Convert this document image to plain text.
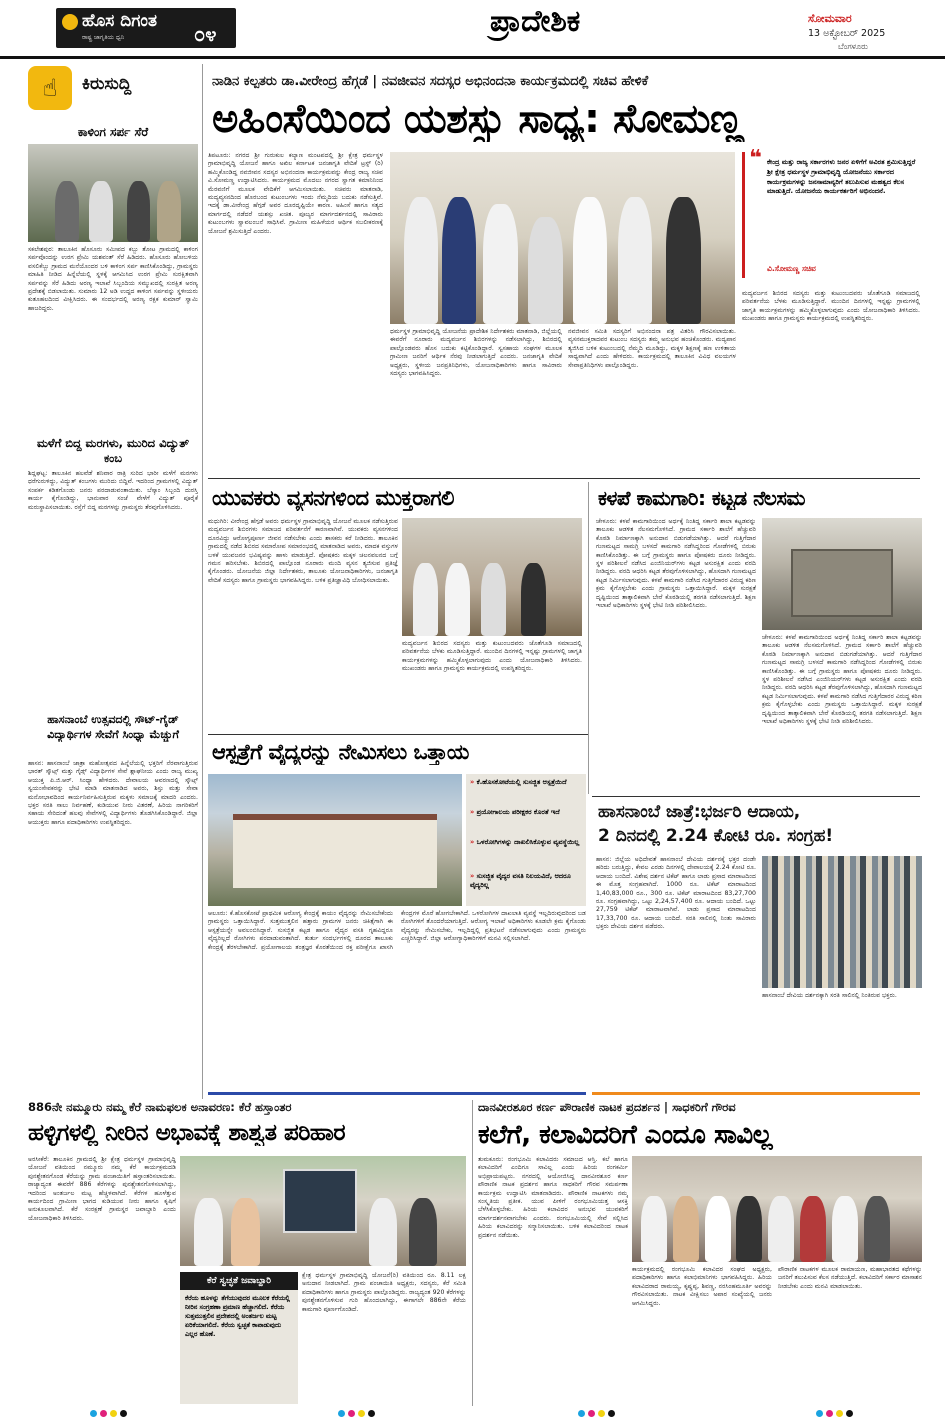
ಹೊಸ ದಿಗಂತ
ರಾಷ್ಟ್ರ ಜಾಗೃತಿಯ ಧ್ವನಿ	೦೪	ಪ್ರಾದೇಶಿಕ	ಸೋಮವಾರ
13 ಅಕ್ಟೋಬರ್ 2025
ಬೆಂಗಳೂರು
☝	ಕಿರುಸುದ್ದಿ
ಕಾಳಿಂಗ ಸರ್ಪ ಸೆರೆ
ಸಕಲೇಶಪುರ: ತಾಲೂಕಿನ ಹೊಸೂರು ಸಮೀಪದ ಕಬ್ಬು ತೋಟ ಗ್ರಾಮದಲ್ಲಿ ಕಾಳಿಂಗ ಸರ್ಪವೊಂದನ್ನು ಉರಗ ಪ್ರೇಮಿ ಯಶವಂತ್ ಸೆರೆ ಹಿಡಿದರು. ಹೊಸೂರು ಹೋಬಳಿಯ ವಸಲಿಕೆಬ್ಬು ಗ್ರಾಮದ ಮನೆಯೊಂದರ ಬಳಿ ಕಾಳಿಂಗ ಸರ್ಪ ಕಾಣಿಸಿಕೊಂಡಿದ್ದು, ಗ್ರಾಮಸ್ಥರು ಮಾಹಿತಿ ನೀಡಿದ ಹಿನ್ನೆಲೆಯಲ್ಲಿ ಸ್ಥಳಕ್ಕೆ ಆಗಮಿಸಿದ ಉರಗ ಪ್ರೇಮಿ ಸುರಕ್ಷಿತವಾಗಿ ಸರ್ಪವನ್ನು ಸೆರೆ ಹಿಡಿದು ಅರಣ್ಯ ಇಲಾಖೆ ಸಿಬ್ಬಂದಿಯ ಸಮ್ಮುಖದಲ್ಲಿ ಸುರಕ್ಷಿತ ಅರಣ್ಯ ಪ್ರದೇಶಕ್ಕೆ ಬಿಡಲಾಯಿತು. ಸುಮಾರು 12 ಅಡಿ ಉದ್ದದ ಕಾಳಿಂಗ ಸರ್ಪವನ್ನು ಸ್ಥಳೀಯರು ಕುತೂಹಲದಿಂದ ವೀಕ್ಷಿಸಿದರು. ಈ ಸಂದರ್ಭದಲ್ಲಿ ಅರಣ್ಯ ರಕ್ಷಕ ಕುಮಾರ್ ಸ್ವಾಮಿ ಹಾಜರಿದ್ದರು.
ಮಳೆಗೆ ಬಿದ್ದ ಮರಗಳು, ಮುರಿದ ವಿದ್ಯುತ್ ಕಂಬ
ಶಿದ್ಲಘಟ್ಟ: ತಾಲೂಕಿನ ಹಲವೆಡೆ ಶನಿವಾರ ರಾತ್ರಿ ಸುರಿದ ಭಾರೀ ಮಳೆಗೆ ಮರಗಳು ಧರೆಗುರುಳಿದ್ದು, ವಿದ್ಯುತ್ ಕಂಬಗಳು ಮುರಿದು ಬಿದ್ದಿವೆ. ಇದರಿಂದ ಗ್ರಾಮಗಳಲ್ಲಿ ವಿದ್ಯುತ್ ಸಂಪರ್ಕ ಕಡಿತಗೊಂಡು ಜನರು ಪರದಾಡುವಂತಾಯಿತು. ಬೆಸ್ಕಾಂ ಸಿಬ್ಬಂದಿ ದುರಸ್ತಿ ಕಾರ್ಯ ಕೈಗೊಂಡಿದ್ದು, ಭಾನುವಾರ ಸಂಜೆ ವೇಳೆಗೆ ವಿದ್ಯುತ್ ಪೂರೈಕೆ ಮರುಸ್ಥಾಪಿಸಲಾಯಿತು. ರಸ್ತೆಗೆ ಬಿದ್ದ ಮರಗಳನ್ನು ಗ್ರಾಮಸ್ಥರು ತೆರವುಗೊಳಿಸಿದರು.
ಹಾಸನಾಂಬೆ ಉತ್ಸವದಲ್ಲಿ ಸೌಟ್-ಗೈಡ್ ವಿದ್ಯಾರ್ಥಿಗಳ ಸೇವೆಗೆ ಸಿಂಧ್ಯಾ ಮೆಚ್ಚುಗೆ
ಹಾಸನ: ಹಾಸನಾಂಬೆ ಜಾತ್ರಾ ಮಹೋತ್ಸವದ ಹಿನ್ನೆಲೆಯಲ್ಲಿ ಭಕ್ತರಿಗೆ ನೆರವಾಗುತ್ತಿರುವ ಭಾರತ್ ಸ್ಕೌಟ್ಸ್ ಮತ್ತು ಗೈಡ್ಸ್ ವಿದ್ಯಾರ್ಥಿಗಳ ಸೇವೆ ಶ್ಲಾಘನೀಯ ಎಂದು ರಾಜ್ಯ ಮುಖ್ಯ ಆಯುಕ್ತ ಪಿ.ಜಿ.ಆರ್. ಸಿಂಧ್ಯಾ ಹೇಳಿದರು. ದೇವಾಲಯ ಆವರಣದಲ್ಲಿ ಸ್ಕೌಟ್ಸ್ ಸ್ವಯಂಸೇವಕರನ್ನು ಭೇಟಿ ಮಾಡಿ ಮಾತನಾಡಿದ ಅವರು, ಶಿಸ್ತು ಮತ್ತು ಸೇವಾ ಮನೋಭಾವದಿಂದ ಕಾರ್ಯನಿರ್ವಹಿಸುತ್ತಿರುವ ಮಕ್ಕಳು ಸಮಾಜಕ್ಕೆ ಮಾದರಿ ಎಂದರು. ಭಕ್ತರ ಸರತಿ ಸಾಲು ನಿರ್ವಹಣೆ, ಕುಡಿಯುವ ನೀರು ವಿತರಣೆ, ಹಿರಿಯ ನಾಗರಿಕರಿಗೆ ಸಹಾಯ ಸೇರಿದಂತೆ ಹಲವು ಸೇವೆಗಳಲ್ಲಿ ವಿದ್ಯಾರ್ಥಿಗಳು ತೊಡಗಿಸಿಕೊಂಡಿದ್ದಾರೆ. ಜಿಲ್ಲಾ ಆಯುಕ್ತರು ಹಾಗೂ ಪದಾಧಿಕಾರಿಗಳು ಉಪಸ್ಥಿತರಿದ್ದರು.
ನಾಡಿನ ಕಲ್ಪತರು ಡಾ.ವೀರೇಂದ್ರ ಹೆಗ್ಗಡೆ | ನವಜೀವನ ಸದಸ್ಯರ ಅಭಿನಂದನಾ ಕಾರ್ಯಕ್ರಮದಲ್ಲಿ ಸಚಿವ ಹೇಳಿಕೆ
ಅಹಿಂಸೆಯಿಂದ ಯಶಸ್ಸು ಸಾಧ್ಯ: ಸೋಮಣ್ಣ
ತಿಪಟೂರು: ನಗರದ ಶ್ರೀ ಗುರುಕುಲ ಕಲ್ಯಾಣ ಮಂಟಪದಲ್ಲಿ ಶ್ರೀ ಕ್ಷೇತ್ರ ಧರ್ಮಸ್ಥಳ ಗ್ರಾಮಾಭಿವೃದ್ಧಿ ಯೋಜನೆ ಹಾಗೂ ಅಖಿಲ ಕರ್ನಾಟಕ ಜನಜಾಗೃತಿ ವೇದಿಕೆ ಟ್ರಸ್ಟ್ (ರಿ) ಹಮ್ಮಿಕೊಂಡಿದ್ದ ನವಜೀವನ ಸದಸ್ಯರ ಅಭಿನಂದನಾ ಕಾರ್ಯಕ್ರಮವನ್ನು ಕೇಂದ್ರ ರಾಜ್ಯ ಸಚಿವ ವಿ.ಸೋಮಣ್ಣ ಉದ್ಘಾಟಿಸಿದರು. ಕಾರ್ಯಕ್ರಮದ ಮೊದಲು ನಗರದ ಸ್ವಾಗತ ಕಮಾನಿನಿಂದ ಮೆರವಣಿಗೆ ಮೂಲಕ ವೇದಿಕೆಗೆ ಆಗಮಿಸಲಾಯಿತು. ಸಚಿವರು ಮಾತನಾಡಿ, ಮದ್ಯವ್ಯಸನದಿಂದ ಹೊರಬಂದ ಕುಟುಂಬಗಳು ಇಂದು ನೆಮ್ಮದಿಯ ಬದುಕು ನಡೆಸುತ್ತಿವೆ. ಇದಕ್ಕೆ ಡಾ.ವೀರೇಂದ್ರ ಹೆಗ್ಗಡೆ ಅವರ ದೂರದೃಷ್ಟಿಯೇ ಕಾರಣ. ಅಹಿಂಸೆ ಹಾಗೂ ಸತ್ಯದ ಮಾರ್ಗದಲ್ಲಿ ನಡೆದರೆ ಯಶಸ್ಸು ಖಚಿತ. ಪೂಜ್ಯರ ಮಾರ್ಗದರ್ಶನದಲ್ಲಿ ಸಾವಿರಾರು ಕುಟುಂಬಗಳು ಸ್ವಾವಲಂಬನೆ ಸಾಧಿಸಿವೆ. ಗ್ರಾಮೀಣ ಮಹಿಳೆಯರ ಆರ್ಥಿಕ ಸಬಲೀಕರಣಕ್ಕೆ ಯೋಜನೆ ಶ್ರಮಿಸುತ್ತಿದೆ ಎಂದರು.
ಧರ್ಮಸ್ಥಳ ಗ್ರಾಮಾಭಿವೃದ್ಧಿ ಯೋಜನೆಯ ಪ್ರಾದೇಶಿಕ ನಿರ್ದೇಶಕರು ಮಾತನಾಡಿ, ಜಿಲ್ಲೆಯಲ್ಲಿ ಈವರೆಗೆ ನೂರಾರು ಮದ್ಯವರ್ಜನ ಶಿಬಿರಗಳನ್ನು ನಡೆಸಲಾಗಿದ್ದು, ಶಿಬಿರದಲ್ಲಿ ಪಾಲ್ಗೊಂಡವರು ಹೊಸ ಬದುಕು ಕಟ್ಟಿಕೊಂಡಿದ್ದಾರೆ. ಸ್ವಸಹಾಯ ಸಂಘಗಳ ಮೂಲಕ ಗ್ರಾಮೀಣ ಜನರಿಗೆ ಆರ್ಥಿಕ ನೆರವು ನೀಡಲಾಗುತ್ತಿದೆ ಎಂದರು. ಜನಜಾಗೃತಿ ವೇದಿಕೆ ಅಧ್ಯಕ್ಷರು, ಸ್ಥಳೀಯ ಜನಪ್ರತಿನಿಧಿಗಳು, ಯೋಜನಾಧಿಕಾರಿಗಳು ಹಾಗೂ ಸಾವಿರಾರು ಸದಸ್ಯರು ಭಾಗವಹಿಸಿದ್ದರು.
ನವಜೀವನ ಸಮಿತಿ ಸದಸ್ಯರಿಗೆ ಅಭಿನಂದನಾ ಪತ್ರ ವಿತರಿಸಿ ಗೌರವಿಸಲಾಯಿತು. ವ್ಯಸನಮುಕ್ತರಾದವರ ಕುಟುಂಬ ಸದಸ್ಯರು ತಮ್ಮ ಅನುಭವ ಹಂಚಿಕೊಂಡರು. ಮದ್ಯಪಾನ ತ್ಯಜಿಸಿದ ಬಳಿಕ ಕುಟುಂಬದಲ್ಲಿ ನೆಮ್ಮದಿ ಮೂಡಿದ್ದು, ಮಕ್ಕಳ ಶಿಕ್ಷಣಕ್ಕೆ ಹಣ ಉಳಿತಾಯ ಸಾಧ್ಯವಾಗಿದೆ ಎಂದು ಹೇಳಿದರು. ಕಾರ್ಯಕ್ರಮದಲ್ಲಿ ತಾಲೂಕಿನ ವಿವಿಧ ವಲಯಗಳ ಸೇವಾಪ್ರತಿನಿಧಿಗಳು ಪಾಲ್ಗೊಂಡಿದ್ದರು.
❝ ಕೇಂದ್ರ ಮತ್ತು ರಾಜ್ಯ ಸರ್ಕಾರಗಳು ಜನರ ಏಳಿಗೆಗೆ ಅವಿರತ ಶ್ರಮಿಸುತ್ತಿದ್ದರೆ ಶ್ರೀ ಕ್ಷೇತ್ರ ಧರ್ಮಸ್ಥಳ ಗ್ರಾಮಾಭಿವೃದ್ಧಿ ಯೋಜನೆಯು ಸರ್ಕಾರದ ಕಾರ್ಯಕ್ರಮಗಳನ್ನು ಜನಸಾಮಾನ್ಯರಿಗೆ ತಲುಪಿಸುವ ಮಹತ್ವದ ಕೆಲಸ ಮಾಡುತ್ತಿದೆ. ಯೋಜನೆಯ ಕಾರ್ಯಕರ್ತರಿಗೆ ಅಭಿನಂದನೆ.
ವಿ.ಸೋಮಣ್ಣ ಸಚಿವ
ಮದ್ಯವರ್ಜನ ಶಿಬಿರದ ಸದಸ್ಯರು ಮತ್ತು ಕುಟುಂಬದವರು ಜೊತೆಗೂಡಿ ಸಮಾಜದಲ್ಲಿ ಪರಿವರ್ತನೆಯ ಬೆಳಕು ಮೂಡಿಸುತ್ತಿದ್ದಾರೆ. ಮುಂದಿನ ದಿನಗಳಲ್ಲಿ ಇನ್ನಷ್ಟು ಗ್ರಾಮಗಳಲ್ಲಿ ಜಾಗೃತಿ ಕಾರ್ಯಕ್ರಮಗಳನ್ನು ಹಮ್ಮಿಕೊಳ್ಳಲಾಗುವುದು ಎಂದು ಯೋಜನಾಧಿಕಾರಿ ತಿಳಿಸಿದರು. ಮುಖಂಡರು ಹಾಗೂ ಗ್ರಾಮಸ್ಥರು ಕಾರ್ಯಕ್ರಮದಲ್ಲಿ ಉಪಸ್ಥಿತರಿದ್ದರು.
ಯುವಕರು ವ್ಯಸನಗಳಿಂದ ಮುಕ್ತರಾಗಲಿ
ಮಧುಗಿರಿ: ವೀರೇಂದ್ರ ಹೆಗ್ಗಡೆ ಅವರು ಧರ್ಮಸ್ಥಳ ಗ್ರಾಮಾಭಿವೃದ್ಧಿ ಯೋಜನೆ ಮೂಲಕ ನಡೆಸುತ್ತಿರುವ ಮದ್ಯವರ್ಜನ ಶಿಬಿರಗಳು ಸಮಾಜದ ಪರಿವರ್ತನೆಗೆ ಕಾರಣವಾಗಿವೆ. ಯುವಕರು ವ್ಯಸನಗಳಿಂದ ದೂರವಿದ್ದು ಆರೋಗ್ಯಪೂರ್ಣ ಜೀವನ ನಡೆಸಬೇಕು ಎಂದು ಶಾಸಕರು ಕರೆ ನೀಡಿದರು. ತಾಲೂಕಿನ ಗ್ರಾಮದಲ್ಲಿ ನಡೆದ ಶಿಬಿರದ ಸಮಾರೋಪ ಸಮಾರಂಭದಲ್ಲಿ ಮಾತನಾಡಿದ ಅವರು, ಮಾದಕ ವಸ್ತುಗಳ ಬಳಕೆ ಯುವಜನರ ಭವಿಷ್ಯವನ್ನು ಹಾಳು ಮಾಡುತ್ತಿದೆ. ಪೋಷಕರು ಮಕ್ಕಳ ಚಲನವಲನದ ಬಗ್ಗೆ ಗಮನ ಹರಿಸಬೇಕು. ಶಿಬಿರದಲ್ಲಿ ಪಾಲ್ಗೊಂಡ ನೂರಾರು ಮಂದಿ ವ್ಯಸನ ತ್ಯಜಿಸುವ ಪ್ರತಿಜ್ಞೆ ಕೈಗೊಂಡರು. ಯೋಜನೆಯ ಜಿಲ್ಲಾ ನಿರ್ದೇಶಕರು, ತಾಲೂಕು ಯೋಜನಾಧಿಕಾರಿಗಳು, ಜನಜಾಗೃತಿ ವೇದಿಕೆ ಸದಸ್ಯರು ಹಾಗೂ ಗ್ರಾಮಸ್ಥರು ಭಾಗವಹಿಸಿದ್ದರು. ಬಳಿಕ ಪ್ರತಿಜ್ಞಾವಿಧಿ ಬೋಧಿಸಲಾಯಿತು.
ಮದ್ಯವರ್ಜನ ಶಿಬಿರದ ಸದಸ್ಯರು ಮತ್ತು ಕುಟುಂಬದವರು ಜೊತೆಗೂಡಿ ಸಮಾಜದಲ್ಲಿ ಪರಿವರ್ತನೆಯ ಬೆಳಕು ಮೂಡಿಸುತ್ತಿದ್ದಾರೆ. ಮುಂದಿನ ದಿನಗಳಲ್ಲಿ ಇನ್ನಷ್ಟು ಗ್ರಾಮಗಳಲ್ಲಿ ಜಾಗೃತಿ ಕಾರ್ಯಕ್ರಮಗಳನ್ನು ಹಮ್ಮಿಕೊಳ್ಳಲಾಗುವುದು ಎಂದು ಯೋಜನಾಧಿಕಾರಿ ತಿಳಿಸಿದರು. ಮುಖಂಡರು ಹಾಗೂ ಗ್ರಾಮಸ್ಥರು ಕಾರ್ಯಕ್ರಮದಲ್ಲಿ ಉಪಸ್ಥಿತರಿದ್ದರು.
ಕಳಪೆ ಕಾಮಗಾರಿ: ಕಟ್ಟಡ ನೆಲಸಮ
ಚೇಳೂರು: ಕಳಪೆ ಕಾಮಗಾರಿಯಿಂದ ಅರ್ಧಕ್ಕೆ ನಿಂತಿದ್ದ ಸರ್ಕಾರಿ ಶಾಲಾ ಕಟ್ಟಡವನ್ನು ತಾಲೂಕು ಆಡಳಿತ ನೆಲಸಮಗೊಳಿಸಿದೆ. ಗ್ರಾಮದ ಸರ್ಕಾರಿ ಶಾಲೆಗೆ ಹೆಚ್ಚುವರಿ ಕೊಠಡಿ ನಿರ್ಮಾಣಕ್ಕಾಗಿ ಅನುದಾನ ಬಿಡುಗಡೆಯಾಗಿತ್ತು. ಆದರೆ ಗುತ್ತಿಗೆದಾರ ಗುಣಮಟ್ಟದ ಸಾಮಗ್ರಿ ಬಳಸದೆ ಕಾಮಗಾರಿ ನಡೆಸಿದ್ದರಿಂದ ಗೋಡೆಗಳಲ್ಲಿ ಬಿರುಕು ಕಾಣಿಸಿಕೊಂಡಿತ್ತು. ಈ ಬಗ್ಗೆ ಗ್ರಾಮಸ್ಥರು ಹಾಗೂ ಪೋಷಕರು ದೂರು ನೀಡಿದ್ದರು. ಸ್ಥಳ ಪರಿಶೀಲನೆ ನಡೆಸಿದ ಎಂಜಿನಿಯರ್‌ಗಳು ಕಟ್ಟಡ ಅಸುರಕ್ಷಿತ ಎಂದು ವರದಿ ನೀಡಿದ್ದರು. ವರದಿ ಆಧರಿಸಿ ಕಟ್ಟಡ ತೆರವುಗೊಳಿಸಲಾಗಿದ್ದು, ಹೊಸದಾಗಿ ಗುಣಮಟ್ಟದ ಕಟ್ಟಡ ನಿರ್ಮಿಸಲಾಗುವುದು. ಕಳಪೆ ಕಾಮಗಾರಿ ನಡೆಸಿದ ಗುತ್ತಿಗೆದಾರರ ವಿರುದ್ಧ ಕಠಿಣ ಕ್ರಮ ಕೈಗೊಳ್ಳಬೇಕು ಎಂದು ಗ್ರಾಮಸ್ಥರು ಒತ್ತಾಯಿಸಿದ್ದಾರೆ. ಮಕ್ಕಳ ಸುರಕ್ಷತೆ ದೃಷ್ಟಿಯಿಂದ ತಾತ್ಕಾಲಿಕವಾಗಿ ಬೇರೆ ಕೊಠಡಿಯಲ್ಲಿ ತರಗತಿ ನಡೆಸಲಾಗುತ್ತಿದೆ. ಶಿಕ್ಷಣ ಇಲಾಖೆ ಅಧಿಕಾರಿಗಳು ಸ್ಥಳಕ್ಕೆ ಭೇಟಿ ನೀಡಿ ಪರಿಶೀಲಿಸಿದರು.
ಚೇಳೂರು: ಕಳಪೆ ಕಾಮಗಾರಿಯಿಂದ ಅರ್ಧಕ್ಕೆ ನಿಂತಿದ್ದ ಸರ್ಕಾರಿ ಶಾಲಾ ಕಟ್ಟಡವನ್ನು ತಾಲೂಕು ಆಡಳಿತ ನೆಲಸಮಗೊಳಿಸಿದೆ. ಗ್ರಾಮದ ಸರ್ಕಾರಿ ಶಾಲೆಗೆ ಹೆಚ್ಚುವರಿ ಕೊಠಡಿ ನಿರ್ಮಾಣಕ್ಕಾಗಿ ಅನುದಾನ ಬಿಡುಗಡೆಯಾಗಿತ್ತು. ಆದರೆ ಗುತ್ತಿಗೆದಾರ ಗುಣಮಟ್ಟದ ಸಾಮಗ್ರಿ ಬಳಸದೆ ಕಾಮಗಾರಿ ನಡೆಸಿದ್ದರಿಂದ ಗೋಡೆಗಳಲ್ಲಿ ಬಿರುಕು ಕಾಣಿಸಿಕೊಂಡಿತ್ತು. ಈ ಬಗ್ಗೆ ಗ್ರಾಮಸ್ಥರು ಹಾಗೂ ಪೋಷಕರು ದೂರು ನೀಡಿದ್ದರು. ಸ್ಥಳ ಪರಿಶೀಲನೆ ನಡೆಸಿದ ಎಂಜಿನಿಯರ್‌ಗಳು ಕಟ್ಟಡ ಅಸುರಕ್ಷಿತ ಎಂದು ವರದಿ ನೀಡಿದ್ದರು. ವರದಿ ಆಧರಿಸಿ ಕಟ್ಟಡ ತೆರವುಗೊಳಿಸಲಾಗಿದ್ದು, ಹೊಸದಾಗಿ ಗುಣಮಟ್ಟದ ಕಟ್ಟಡ ನಿರ್ಮಿಸಲಾಗುವುದು. ಕಳಪೆ ಕಾಮಗಾರಿ ನಡೆಸಿದ ಗುತ್ತಿಗೆದಾರರ ವಿರುದ್ಧ ಕಠಿಣ ಕ್ರಮ ಕೈಗೊಳ್ಳಬೇಕು ಎಂದು ಗ್ರಾಮಸ್ಥರು ಒತ್ತಾಯಿಸಿದ್ದಾರೆ. ಮಕ್ಕಳ ಸುರಕ್ಷತೆ ದೃಷ್ಟಿಯಿಂದ ತಾತ್ಕಾಲಿಕವಾಗಿ ಬೇರೆ ಕೊಠಡಿಯಲ್ಲಿ ತರಗತಿ ನಡೆಸಲಾಗುತ್ತಿದೆ. ಶಿಕ್ಷಣ ಇಲಾಖೆ ಅಧಿಕಾರಿಗಳು ಸ್ಥಳಕ್ಕೆ ಭೇಟಿ ನೀಡಿ ಪರಿಶೀಲಿಸಿದರು.
ಆಸ್ಪತ್ರೆಗೆ ವೈದ್ಯರನ್ನು ನೇಮಿಸಲು ಒತ್ತಾಯ
» ಕೆ.ಹೊಸಕೋಟೆಯಲ್ಲಿ ಸುಸಜ್ಜಿತ ಆಸ್ಪತ್ರೆಯಿದೆ
» ಪ್ರಯೋಗಾಲಯ ಪರೀಕ್ಷಕರ ಕೊರತೆ ಇದೆ
» ಒಳರೋಗಿಗಳನ್ನು ದಾಖಲಿಸಿಕೊಳ್ಳುವ ವ್ಯವಸ್ಥೆಯಿಲ್ಲ
» ಸುಸಜ್ಜಿತ ವೈದ್ಯರ ವಸತಿ ನಿಲಯವಿದೆ, ಆದರೂ ವೈದ್ಯರಿಲ್ಲ
ಆಲೂರು: ಕೆ.ಹೊಸಕೋಟೆ ಪ್ರಾಥಮಿಕ ಆರೋಗ್ಯ ಕೇಂದ್ರಕ್ಕೆ ಕಾಯಂ ವೈದ್ಯರನ್ನು ನೇಮಿಸಬೇಕೆಂದು ಗ್ರಾಮಸ್ಥರು ಒತ್ತಾಯಿಸಿದ್ದಾರೆ. ಸುತ್ತಮುತ್ತಲಿನ ಹತ್ತಾರು ಗ್ರಾಮಗಳ ಜನರು ಚಿಕಿತ್ಸೆಗಾಗಿ ಈ ಆಸ್ಪತ್ರೆಯನ್ನೇ ಅವಲಂಬಿಸಿದ್ದಾರೆ. ಸುಸಜ್ಜಿತ ಕಟ್ಟಡ ಹಾಗೂ ವೈದ್ಯರ ವಸತಿ ಗೃಹವಿದ್ದರೂ ವೈದ್ಯರಿಲ್ಲದೆ ರೋಗಿಗಳು ಪರದಾಡುವಂತಾಗಿದೆ. ತುರ್ತು ಸಂದರ್ಭಗಳಲ್ಲಿ ದೂರದ ತಾಲೂಕು ಕೇಂದ್ರಕ್ಕೆ ತೆರಳಬೇಕಾಗಿದೆ. ಪ್ರಯೋಗಾಲಯ ತಂತ್ರಜ್ಞರ ಕೊರತೆಯಿಂದ ರಕ್ತ ಪರೀಕ್ಷೆಗೂ ಖಾಸಗಿ ಕೇಂದ್ರಗಳ ಮೊರೆ ಹೋಗಬೇಕಾಗಿದೆ. ಒಳರೋಗಿಗಳ ದಾಖಲಾತಿ ವ್ಯವಸ್ಥೆ ಇಲ್ಲದಿರುವುದರಿಂದ ಬಡ ರೋಗಿಗಳಿಗೆ ತೊಂದರೆಯಾಗುತ್ತಿದೆ. ಆರೋಗ್ಯ ಇಲಾಖೆ ಅಧಿಕಾರಿಗಳು ಕೂಡಲೇ ಕ್ರಮ ಕೈಗೊಂಡು ವೈದ್ಯರನ್ನು ನೇಮಿಸಬೇಕು, ಇಲ್ಲದಿದ್ದಲ್ಲಿ ಪ್ರತಿಭಟನೆ ನಡೆಸಲಾಗುವುದು ಎಂದು ಗ್ರಾಮಸ್ಥರು ಎಚ್ಚರಿಸಿದ್ದಾರೆ. ಜಿಲ್ಲಾ ಆರೋಗ್ಯಾಧಿಕಾರಿಗಳಿಗೆ ಮನವಿ ಸಲ್ಲಿಸಲಾಗಿದೆ.
ಹಾಸನಾಂಬೆ ಜಾತ್ರೆ:ಭರ್ಜರಿ ಆದಾಯ,
2 ದಿನದಲ್ಲಿ 2.24 ಕೋಟಿ ರೂ. ಸಂಗ್ರಹ!
ಹಾಸನ: ಜಿಲ್ಲೆಯ ಅಧಿದೇವತೆ ಹಾಸನಾಂಬೆ ದೇವಿಯ ದರ್ಶನಕ್ಕೆ ಭಕ್ತರ ದಂಡೇ ಹರಿದು ಬರುತ್ತಿದ್ದು, ಕೇವಲ ಎರಡು ದಿನಗಳಲ್ಲಿ ದೇವಾಲಯಕ್ಕೆ 2.24 ಕೋಟಿ ರೂ. ಆದಾಯ ಬಂದಿದೆ. ವಿಶೇಷ ದರ್ಶನ ಟಿಕೆಟ್ ಹಾಗೂ ಲಾಡು ಪ್ರಸಾದ ಮಾರಾಟದಿಂದ ಈ ಮೊತ್ತ ಸಂಗ್ರಹವಾಗಿದೆ. 1000 ರೂ. ಟಿಕೆಟ್ ಮಾರಾಟದಿಂದ 1,40,83,000 ರೂ., 300 ರೂ. ಟಿಕೆಟ್ ಮಾರಾಟದಿಂದ 83,27,700 ರೂ. ಸಂಗ್ರಹವಾಗಿದ್ದು, ಒಟ್ಟು 2,24,57,400 ರೂ. ಆದಾಯ ಬಂದಿದೆ. ಒಟ್ಟು 27,759 ಟಿಕೆಟ್ ಮಾರಾಟವಾಗಿವೆ. ಲಾಡು ಪ್ರಸಾದ ಮಾರಾಟದಿಂದ 17,33,700 ರೂ. ಆದಾಯ ಬಂದಿದೆ. ಸರತಿ ಸಾಲಿನಲ್ಲಿ ನಿಂತು ಸಾವಿರಾರು ಭಕ್ತರು ದೇವಿಯ ದರ್ಶನ ಪಡೆದರು.
ಹಾಸನಾಂಬೆ ದೇವಿಯ ದರ್ಶನಕ್ಕಾಗಿ ಸರತಿ ಸಾಲಿನಲ್ಲಿ ನಿಂತಿರುವ ಭಕ್ತರು.
886ನೇ ನಮ್ಮೂರು ನಮ್ಮ ಕೆರೆ ನಾಮಫಲಕ ಅನಾವರಣ: ಕೆರೆ ಹಸ್ತಾಂತರ
ಹಳ್ಳಿಗಳಲ್ಲಿ ನೀರಿನ ಅಭಾವಕ್ಕೆ ಶಾಶ್ವತ ಪರಿಹಾರ
ಅರಸೀಕೆರೆ: ತಾಲೂಕಿನ ಗ್ರಾಮದಲ್ಲಿ ಶ್ರೀ ಕ್ಷೇತ್ರ ಧರ್ಮಸ್ಥಳ ಗ್ರಾಮಾಭಿವೃದ್ಧಿ ಯೋಜನೆ ವತಿಯಿಂದ ನಮ್ಮೂರು ನಮ್ಮ ಕೆರೆ ಕಾರ್ಯಕ್ರಮದಡಿ ಪುನಶ್ಚೇತನಗೊಂಡ ಕೆರೆಯನ್ನು ಗ್ರಾಮ ಪಂಚಾಯಿತಿಗೆ ಹಸ್ತಾಂತರಿಸಲಾಯಿತು. ರಾಜ್ಯಾದ್ಯಂತ ಈವರೆಗೆ 886 ಕೆರೆಗಳನ್ನು ಪುನಶ್ಚೇತನಗೊಳಿಸಲಾಗಿದ್ದು, ಇದರಿಂದ ಅಂತರ್ಜಲ ಮಟ್ಟ ಹೆಚ್ಚಳವಾಗಿದೆ. ಕೆರೆಗಳ ಹೂಳೆತ್ತುವ ಕಾರ್ಯದಿಂದ ಗ್ರಾಮೀಣ ಭಾಗದ ಕುಡಿಯುವ ನೀರು ಹಾಗೂ ಕೃಷಿಗೆ ಅನುಕೂಲವಾಗಿದೆ. ಕೆರೆ ಸಂರಕ್ಷಣೆ ಗ್ರಾಮಸ್ಥರ ಜವಾಬ್ದಾರಿ ಎಂದು ಯೋಜನಾಧಿಕಾರಿ ತಿಳಿಸಿದರು.
ಕೆರೆ ಸ್ವಚ್ಛತೆ ಜವಾಬ್ದಾರಿ
ಕೆರೆಯ ಹೂಳನ್ನು ತೆಗೆಯುವುದರ ಮೂಲಕ ಕೆರೆಯಲ್ಲಿ ನೀರಿನ ಸಂಗ್ರಹಣಾ ಪ್ರಮಾಣ ಹೆಚ್ಚಾಗಲಿದೆ. ಕೆರೆಯ ಸುತ್ತಮುತ್ತಲಿನ ಪ್ರದೇಶದಲ್ಲಿ ಅಂತರ್ಜಲ ಮಟ್ಟ ಏರಿಕೆಯಾಗಲಿದೆ. ಕೆರೆಯ ಸ್ವಚ್ಛತೆ ಕಾಪಾಡುವುದು ಎಲ್ಲರ ಹೊಣೆ.
ಕ್ಷೇತ್ರ ಧರ್ಮಸ್ಥಳ ಗ್ರಾಮಾಭಿವೃದ್ಧಿ ಯೋಜನೆ(ರಿ) ವತಿಯಿಂದ ರೂ. 8.11 ಲಕ್ಷ ಅನುದಾನ ನೀಡಲಾಗಿದೆ. ಗ್ರಾಮ ಪಂಚಾಯಿತಿ ಅಧ್ಯಕ್ಷರು, ಸದಸ್ಯರು, ಕೆರೆ ಸಮಿತಿ ಪದಾಧಿಕಾರಿಗಳು ಹಾಗೂ ಗ್ರಾಮಸ್ಥರು ಪಾಲ್ಗೊಂಡಿದ್ದರು. ರಾಜ್ಯದ್ಯಂತ 920 ಕೆರೆಗಳನ್ನು ಪುನಶ್ಚೇತನಗೊಳಿಸುವ ಗುರಿ ಹೊಂದಲಾಗಿದ್ದು, ಈಗಾಗಲೇ 886ನೇ ಕೆರೆಯ ಕಾಮಗಾರಿ ಪೂರ್ಣಗೊಂಡಿದೆ.
ದಾನವೀರಶೂರ ಕರ್ಣ ಪೌರಾಣಿಕ ನಾಟಕ ಪ್ರದರ್ಶನ | ಸಾಧಕರಿಗೆ ಗೌರವ
ಕಲೆಗೆ, ಕಲಾವಿದರಿಗೆ ಎಂದೂ ಸಾವಿಲ್ಲ
ತುಮಕೂರು: ರಂಗಭೂಮಿ ಕಲಾವಿದರು ಸಮಾಜದ ಆಸ್ತಿ. ಕಲೆ ಹಾಗೂ ಕಲಾವಿದರಿಗೆ ಎಂದಿಗೂ ಸಾವಿಲ್ಲ ಎಂದು ಹಿರಿಯ ರಂಗಕರ್ಮಿ ಅಭಿಪ್ರಾಯಪಟ್ಟರು. ನಗರದಲ್ಲಿ ಆಯೋಜಿಸಿದ್ದ ದಾನವೀರಶೂರ ಕರ್ಣ ಪೌರಾಣಿಕ ನಾಟಕ ಪ್ರದರ್ಶನ ಹಾಗೂ ಸಾಧಕರಿಗೆ ಗೌರವ ಸಮರ್ಪಣಾ ಕಾರ್ಯಕ್ರಮ ಉದ್ಘಾಟಿಸಿ ಮಾತನಾಡಿದರು. ಪೌರಾಣಿಕ ನಾಟಕಗಳು ನಮ್ಮ ಸಂಸ್ಕೃತಿಯ ಪ್ರತೀಕ. ಯುವ ಪೀಳಿಗೆ ರಂಗಭೂಮಿಯತ್ತ ಆಸಕ್ತಿ ಬೆಳೆಸಿಕೊಳ್ಳಬೇಕು. ಹಿರಿಯ ಕಲಾವಿದರ ಅನುಭವ ಯುವಕರಿಗೆ ಮಾರ್ಗದರ್ಶನವಾಗಬೇಕು ಎಂದರು. ರಂಗಭೂಮಿಯಲ್ಲಿ ಸೇವೆ ಸಲ್ಲಿಸಿದ ಹಿರಿಯ ಕಲಾವಿದರನ್ನು ಸನ್ಮಾನಿಸಲಾಯಿತು. ಬಳಿಕ ಕಲಾವಿದರಿಂದ ನಾಟಕ ಪ್ರದರ್ಶನ ನಡೆಯಿತು.
ಕಾರ್ಯಕ್ರಮದಲ್ಲಿ ರಂಗಭೂಮಿ ಕಲಾವಿದರ ಸಂಘದ ಅಧ್ಯಕ್ಷರು, ಪದಾಧಿಕಾರಿಗಳು ಹಾಗೂ ಕಲಾಭಿಮಾನಿಗಳು ಭಾಗವಹಿಸಿದ್ದರು. ಹಿರಿಯ ಕಲಾವಿದರಾದ ರಾಮಯ್ಯ, ಕೃಷ್ಣಪ್ಪ, ಶಿವಣ್ಣ, ನರಸಿಂಹಮೂರ್ತಿ ಅವರನ್ನು ಗೌರವಿಸಲಾಯಿತು. ನಾಟಕ ವೀಕ್ಷಿಸಲು ಅಪಾರ ಸಂಖ್ಯೆಯಲ್ಲಿ ಜನರು ಆಗಮಿಸಿದ್ದರು.
ಪೌರಾಣಿಕ ನಾಟಕಗಳ ಮೂಲಕ ರಾಮಾಯಣ, ಮಹಾಭಾರತದ ಕಥೆಗಳನ್ನು ಜನರಿಗೆ ತಲುಪಿಸುವ ಕೆಲಸ ನಡೆಯುತ್ತಿದೆ. ಕಲಾವಿದರಿಗೆ ಸರ್ಕಾರ ಮಾಸಾಶನ ನೀಡಬೇಕು ಎಂದು ಮನವಿ ಮಾಡಲಾಯಿತು.
